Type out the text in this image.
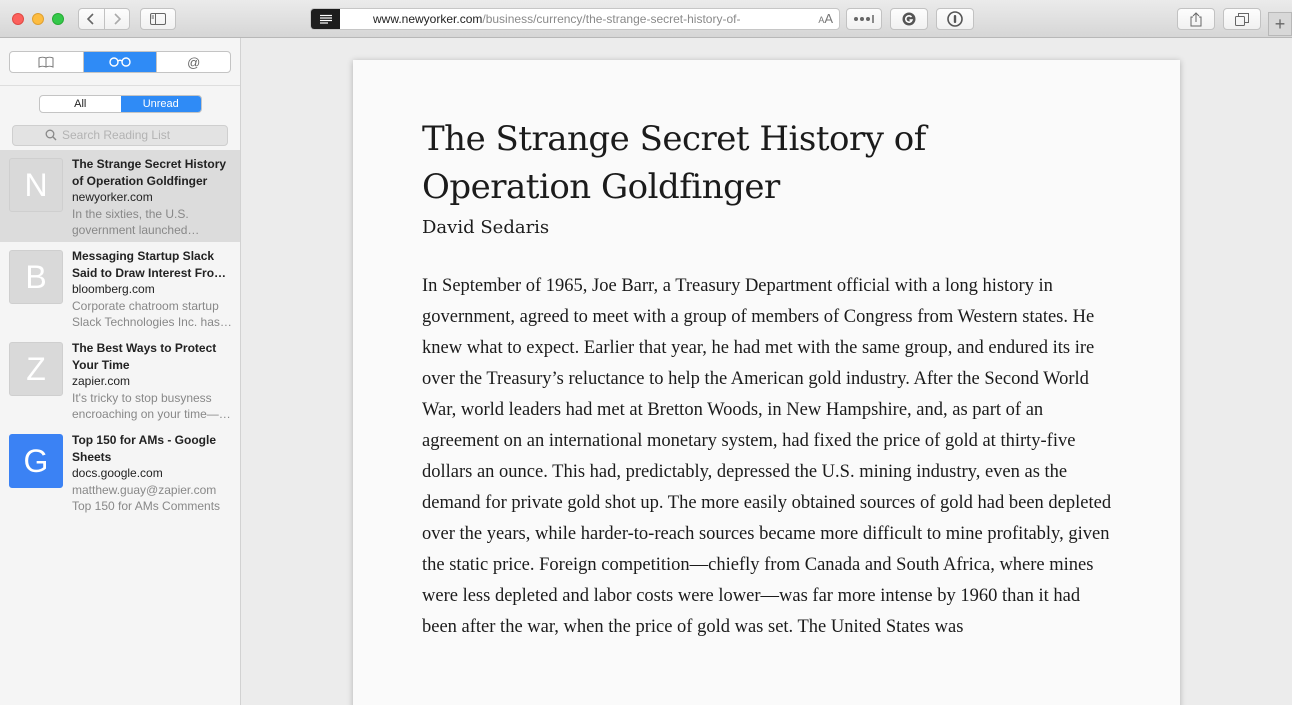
www.newyorker.com/business/currency/the-strange-secret-history-of-	AA	+
@
All	Unread
Search Reading List
N
The Strange Secret History of Operation Goldfinger
newyorker.com
In the sixties, the U.S. government launched
B
Messaging Startup Slack Said to Draw Interest From
bloomberg.com
Corporate chatroom startup Slack Technologies Inc. has
Z
The Best Ways to Protect Your Time
zapier.com
It's tricky to stop busyness encroaching on your time—
G
Top 150 for AMs - Google Sheets
docs.google.com
matthew.guay@zapier.com
Top 150 for AMs Comments
The Strange Secret History of Operation Goldfinger
David Sedaris

In September of 1965, Joe Barr, a Treasury Department official with a long history in government, agreed to meet with a group of members of Congress from Western states. He knew what to expect. Earlier that year, he had met with the same group, and endured its ire over the Treasury’s reluctance to help the American gold industry. After the Second World War, world leaders had met at Bretton Woods, in New Hampshire, and, as part of an agreement on an international monetary system, had fixed the price of gold at thirty-five dollars an ounce. This had, predictably, depressed the U.S. mining industry, even as the demand for private gold shot up. The more easily obtained sources of gold had been depleted over the years, while harder-to-reach sources became more difficult to mine profitably, given the static price. Foreign competition—chiefly from Canada and South Africa, where mines were less depleted and labor costs were lower—was far more intense by 1960 than it had been after the war, when the price of gold was set. The United States was
